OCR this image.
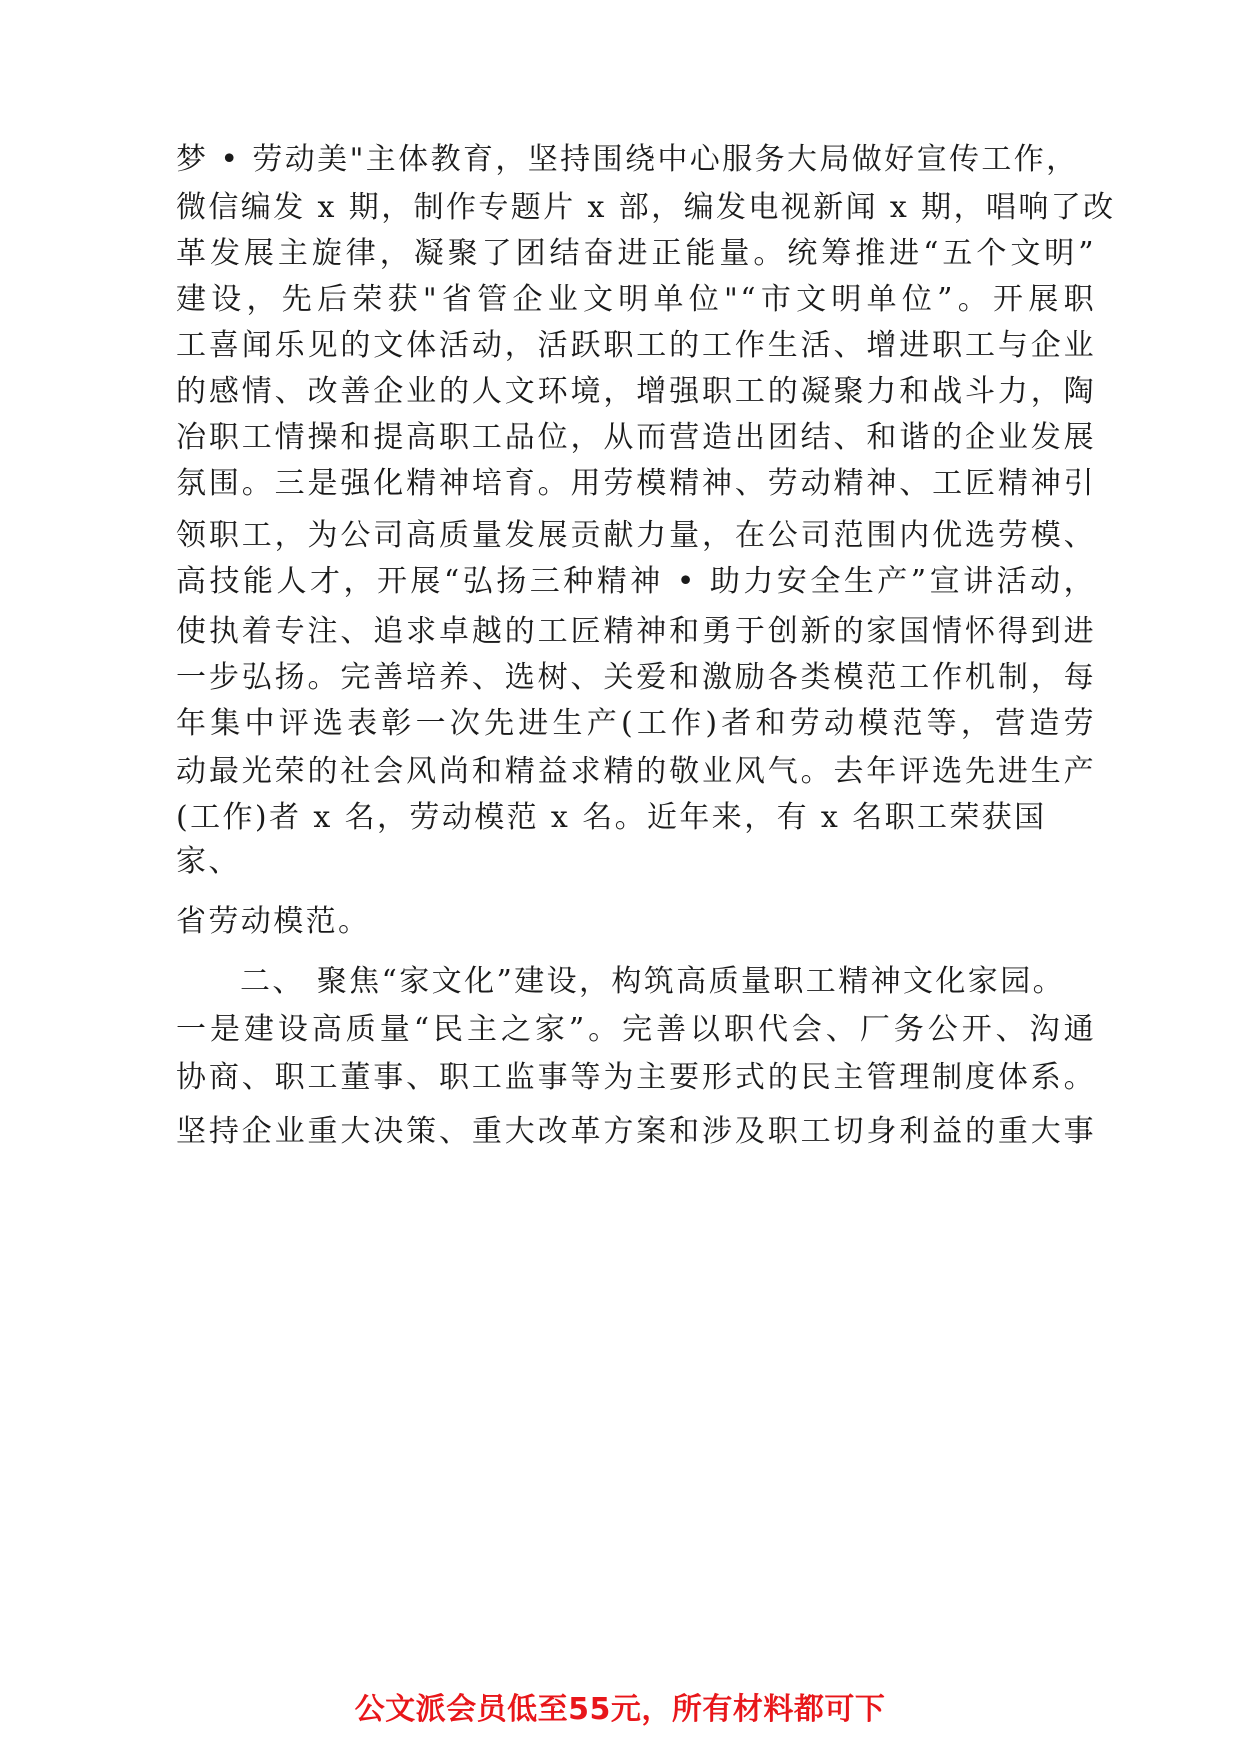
梦 • 劳动美"主体教育，坚持围绕中心服务大局做好宣传工作，
微信编发 x 期，制作专题片 x 部，编发电视新闻 x 期，唱响了改
革发展主旋律，凝聚了团结奋进正能量。统筹推进“五个文明”
建设，先后荣获"省管企业文明单位"“市文明单位”。开展职
工喜闻乐见的文体活动，活跃职工的工作生活、增进职工与企业
的感情、改善企业的人文环境，增强职工的凝聚力和战斗力，陶
冶职工情操和提高职工品位，从而营造出团结、和谐的企业发展
氛围。三是强化精神培育。用劳模精神、劳动精神、工匠精神引
领职工，为公司高质量发展贡献力量，在公司范围内优选劳模、
高技能人才，开展“弘扬三种精神 • 助力安全生产”宣讲活动，
使执着专注、追求卓越的工匠精神和勇于创新的家国情怀得到进
一步弘扬。完善培养、选树、关爱和激励各类模范工作机制，每
年集中评选表彰一次先进生产(工作)者和劳动模范等，营造劳
动最光荣的社会风尚和精益求精的敬业风气。去年评选先进生产
(工作)者 x 名，劳动模范 x 名。近年来，有 x 名职工荣获国
家、
省劳动模范。
二、 聚焦“家文化”建设，构筑高质量职工精神文化家园。
一是建设高质量“民主之家”。完善以职代会、厂务公开、沟通
协商、职工董事、职工监事等为主要形式的民主管理制度体系。
坚持企业重大决策、重大改革方案和涉及职工切身利益的重大事
公文派会员低至55元，所有材料都可下
